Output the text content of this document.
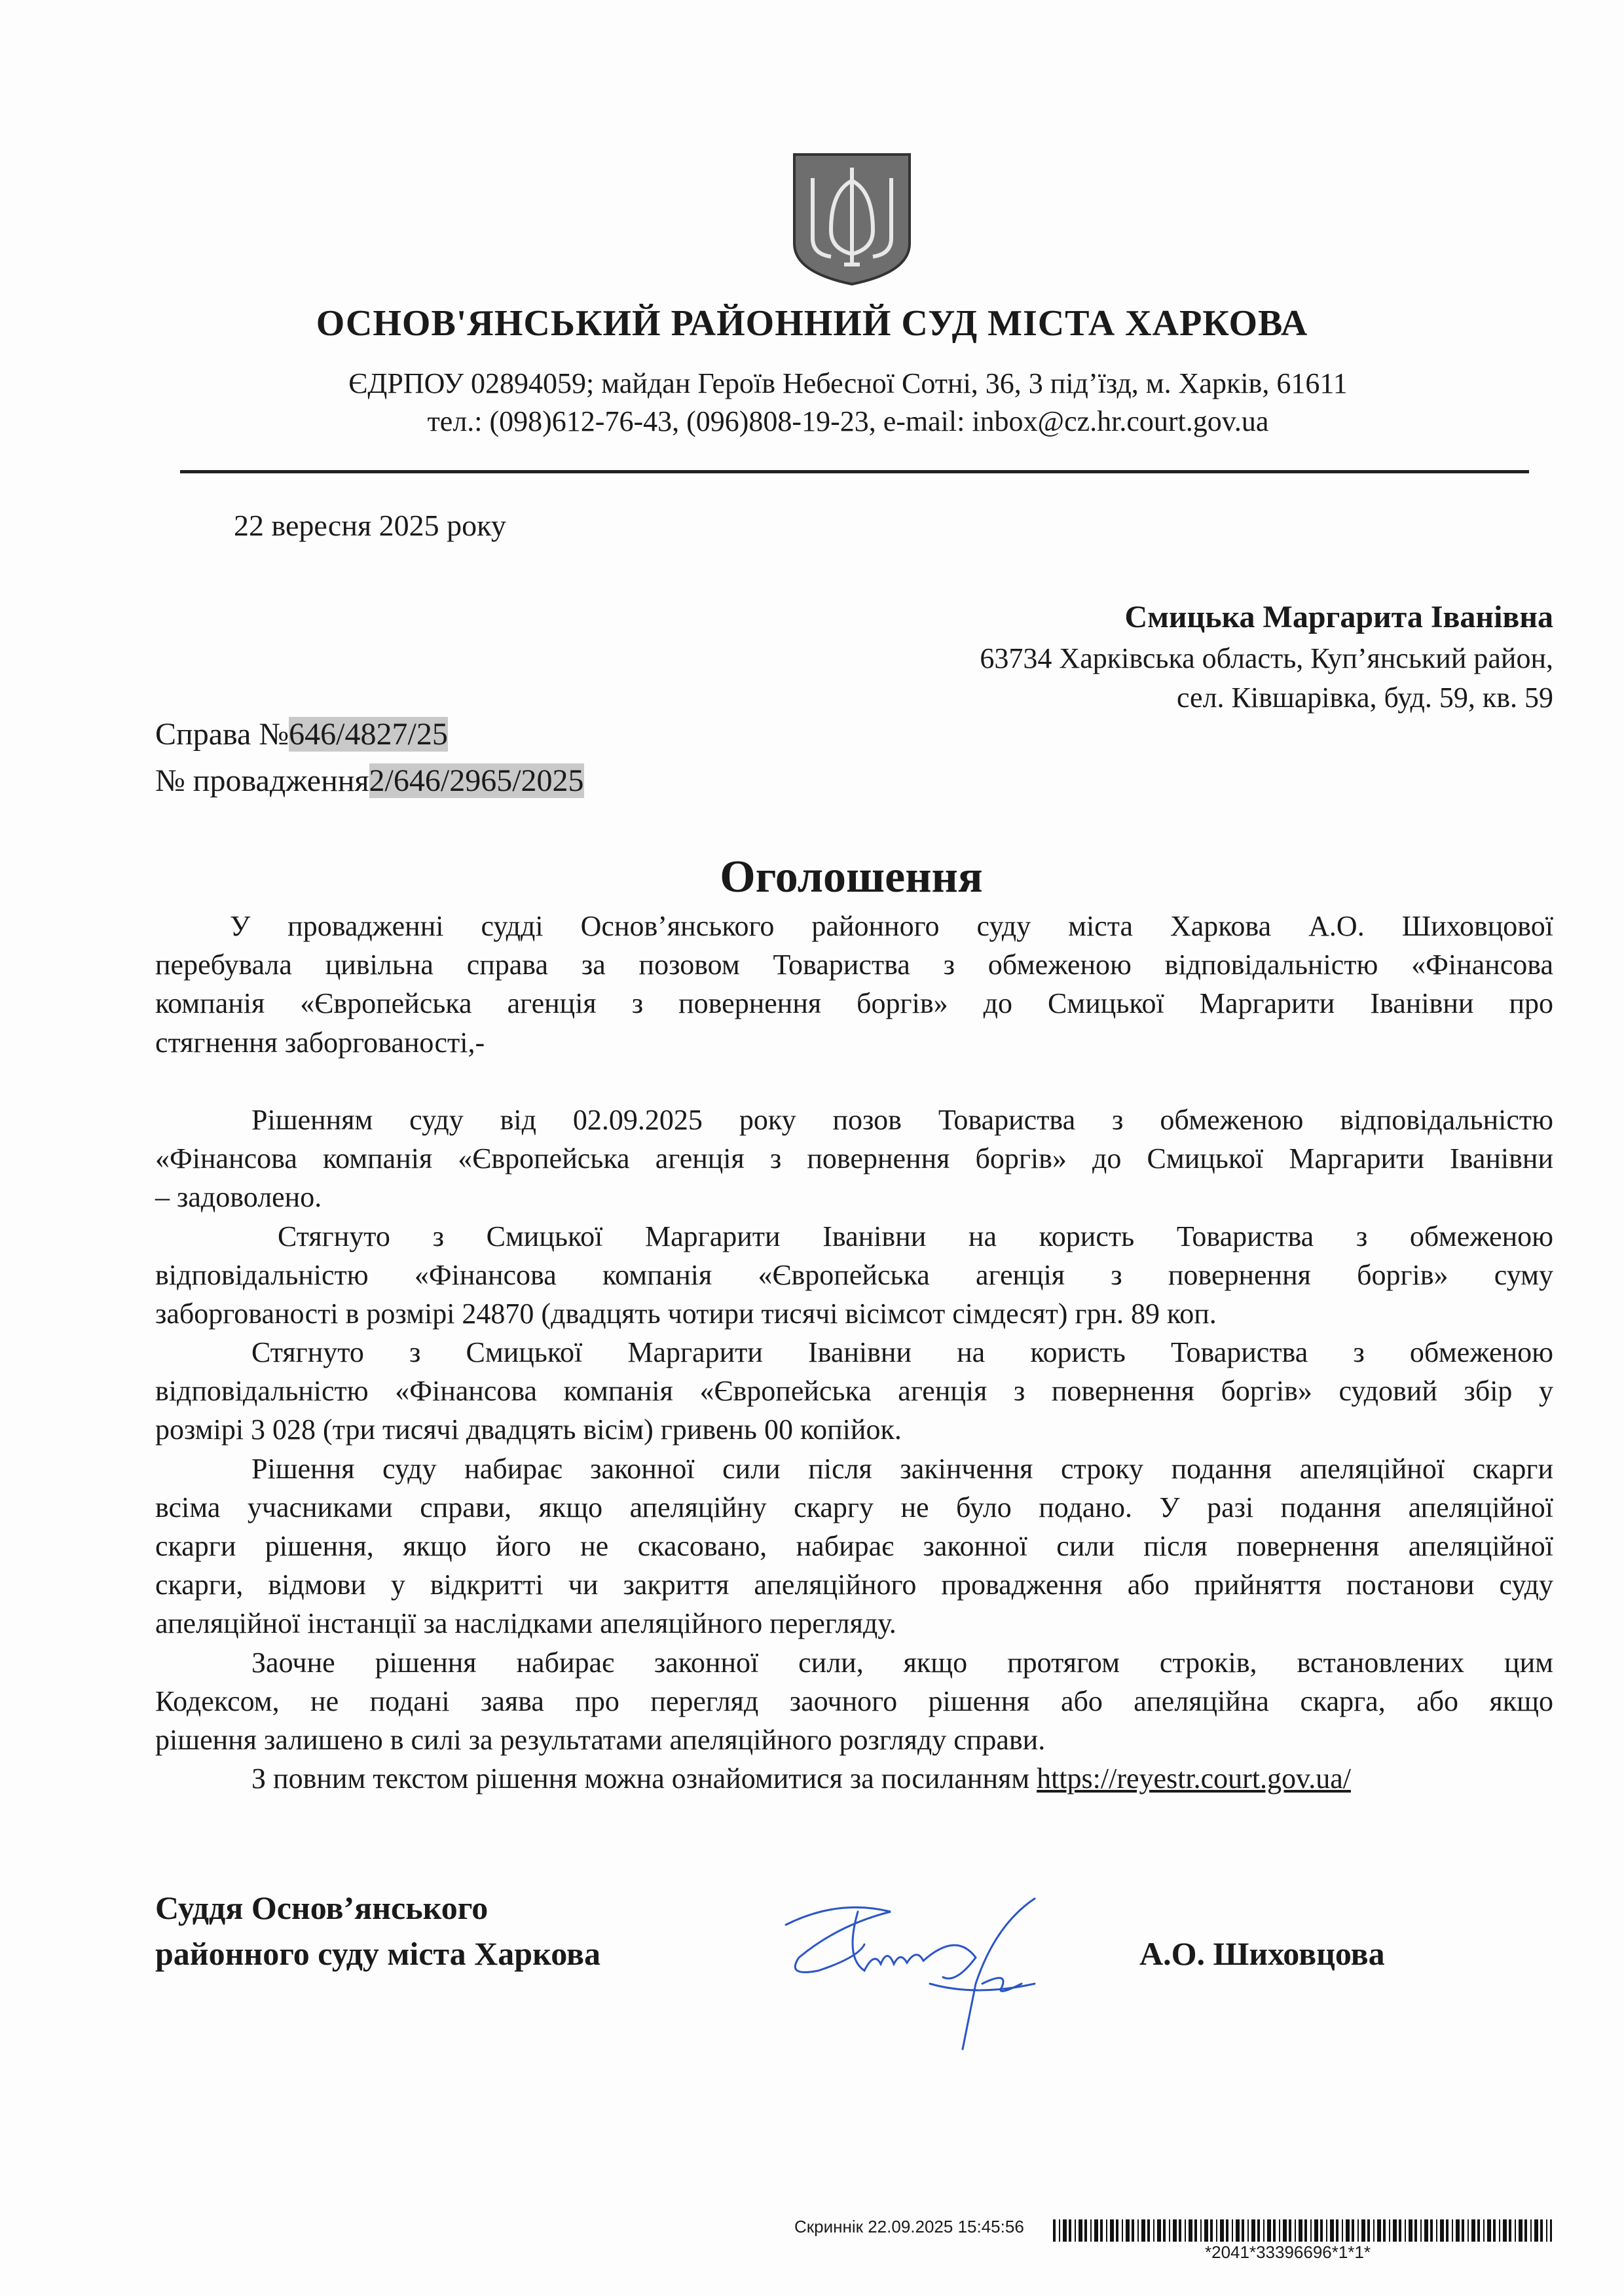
ОСНОВ'ЯНСЬКИЙ РАЙОННИЙ СУД МІСТА ХАРКОВА
ЄДРПОУ 02894059; майдан Героїв Небесної Сотні, 36, 3 під’їзд, м. Харків, 61611
тел.: (098)612-76-43, (096)808-19-23, e-mail: inbox@cz.hr.court.gov.ua
22 вересня 2025 року
Смицька Маргарита Іванівна
63734 Харківська область, Куп’янський район,
сел. Ківшарівка, буд. 59, кв. 59
Справа №646/4827/25
№ провадження2/646/2965/2025
Оголошення
У провадженні судді Основ’янського районного суду міста Харкова А.О. Шиховцової
перебувала цивільна справа за позовом Товариства з обмеженою відповідальністю «Фінансова
компанія «Європейська агенція з повернення боргів» до Смицької Маргарити Іванівни про
стягнення заборгованості,-
Рішенням суду від 02.09.2025 року позов Товариства з обмеженою відповідальністю
«Фінансова компанія «Європейська агенція з повернення боргів» до Смицької Маргарити Іванівни
– задоволено.
Стягнуто з Смицької Маргарити Іванівни на користь Товариства з обмеженою
відповідальністю «Фінансова компанія «Європейська агенція з повернення боргів» суму
заборгованості в розмірі 24870 (двадцять чотири тисячі вісімсот сімдесят) грн. 89 коп.
Стягнуто з Смицької Маргарити Іванівни на користь Товариства з обмеженою
відповідальністю «Фінансова компанія «Європейська агенція з повернення боргів» судовий збір у
розмірі 3 028 (три тисячі двадцять вісім) гривень 00 копійок.
Рішення суду набирає законної сили після закінчення строку подання апеляційної скарги
всіма учасниками справи, якщо апеляційну скаргу не було подано. У разі подання апеляційної
скарги рішення, якщо його не скасовано, набирає законної сили після повернення апеляційної
скарги, відмови у відкритті чи закриття апеляційного провадження або прийняття постанови суду
апеляційної інстанції за наслідками апеляційного перегляду.
Заочне рішення набирає законної сили, якщо протягом строків, встановлених цим
Кодексом, не подані заява про перегляд заочного рішення або апеляційна скарга, або якщо
рішення залишено в силі за результатами апеляційного розгляду справи.
З повним текстом рішення можна ознайомитися за посиланням https://reyestr.court.gov.ua/
Суддя Основ’янського
районного суду міста Харкова	А.О. Шиховцова
Скриннік 22.09.2025 15:45:56
*2041*33396696*1*1*
